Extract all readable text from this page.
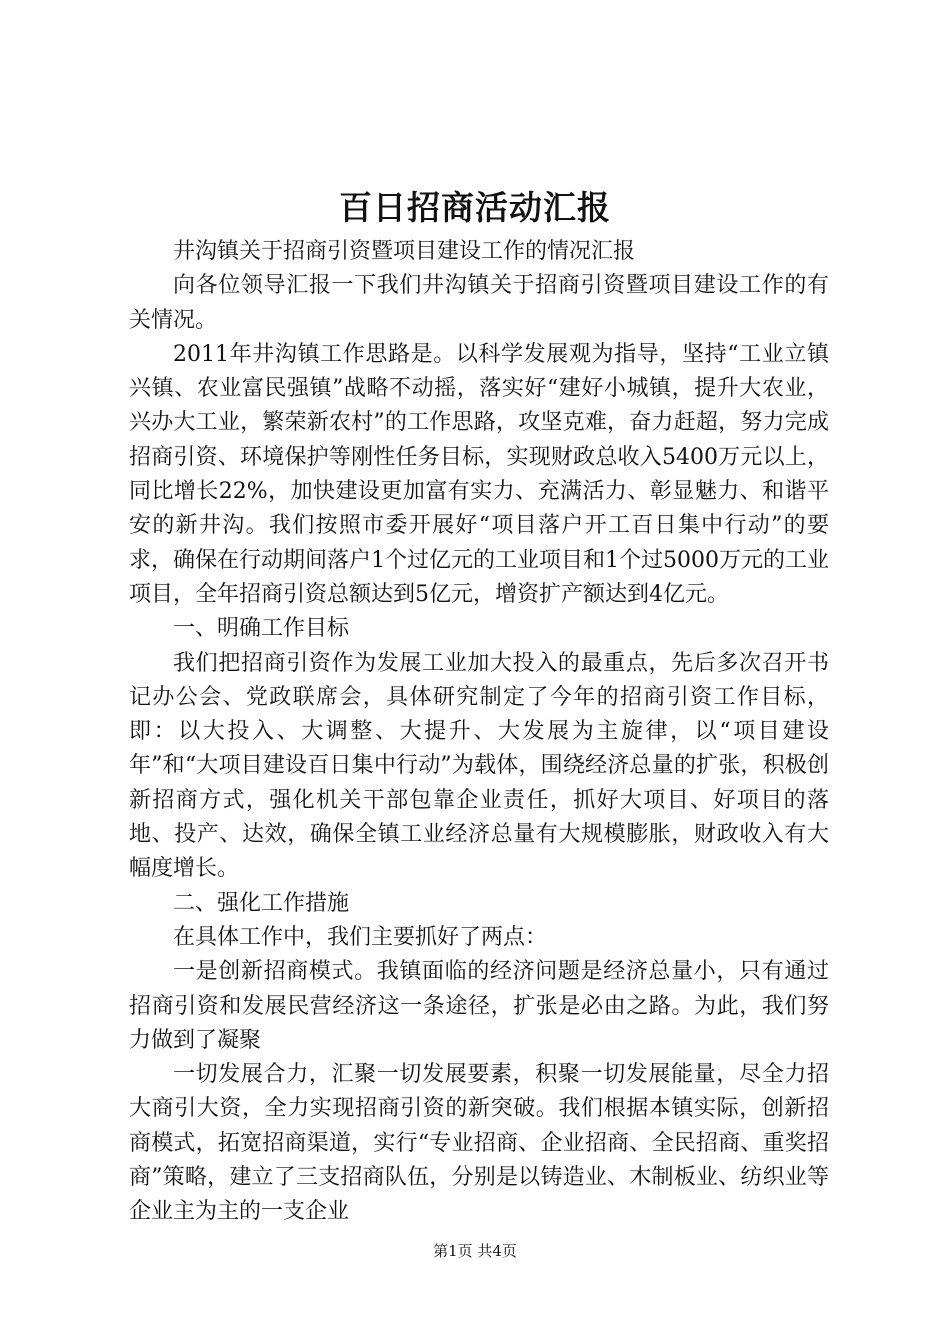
百日招商活动汇报

井沟镇关于招商引资暨项目建设工作的情况汇报

向各位领导汇报一下我们井沟镇关于招商引资暨项目建设工作的有关情况。

2011年井沟镇工作思路是。以科学发展观为指导，坚持“工业立镇兴镇、农业富民强镇”战略不动摇，落实好“建好小城镇，提升大农业，兴办大工业，繁荣新农村”的工作思路，攻坚克难，奋力赶超，努力完成招商引资、环境保护等刚性任务目标，实现财政总收入5400万元以上，同比增长22%，加快建设更加富有实力、充满活力、彰显魅力、和谐平安的新井沟。我们按照市委开展好“项目落户开工百日集中行动”的要求，确保在行动期间落户1个过亿元的工业项目和1个过5000万元的工业项目，全年招商引资总额达到5亿元，增资扩产额达到4亿元。

一、明确工作目标

我们把招商引资作为发展工业加大投入的最重点，先后多次召开书记办公会、党政联席会，具体研究制定了今年的招商引资工作目标，即：以大投入、大调整、大提升、大发展为主旋律，以“项目建设年”和“大项目建设百日集中行动”为载体，围绕经济总量的扩张，积极创新招商方式，强化机关干部包靠企业责任，抓好大项目、好项目的落地、投产、达效，确保全镇工业经济总量有大规模膨胀，财政收入有大幅度增长。

二、强化工作措施

在具体工作中，我们主要抓好了两点：

一是创新招商模式。我镇面临的经济问题是经济总量小，只有通过招商引资和发展民营经济这一条途径，扩张是必由之路。为此，我们努力做到了凝聚

一切发展合力，汇聚一切发展要素，积聚一切发展能量，尽全力招大商引大资，全力实现招商引资的新突破。我们根据本镇实际，创新招商模式，拓宽招商渠道，实行“专业招商、企业招商、全民招商、重奖招商”策略，建立了三支招商队伍，分别是以铸造业、木制板业、纺织业等企业主为主的一支企业

第1页 共4页
